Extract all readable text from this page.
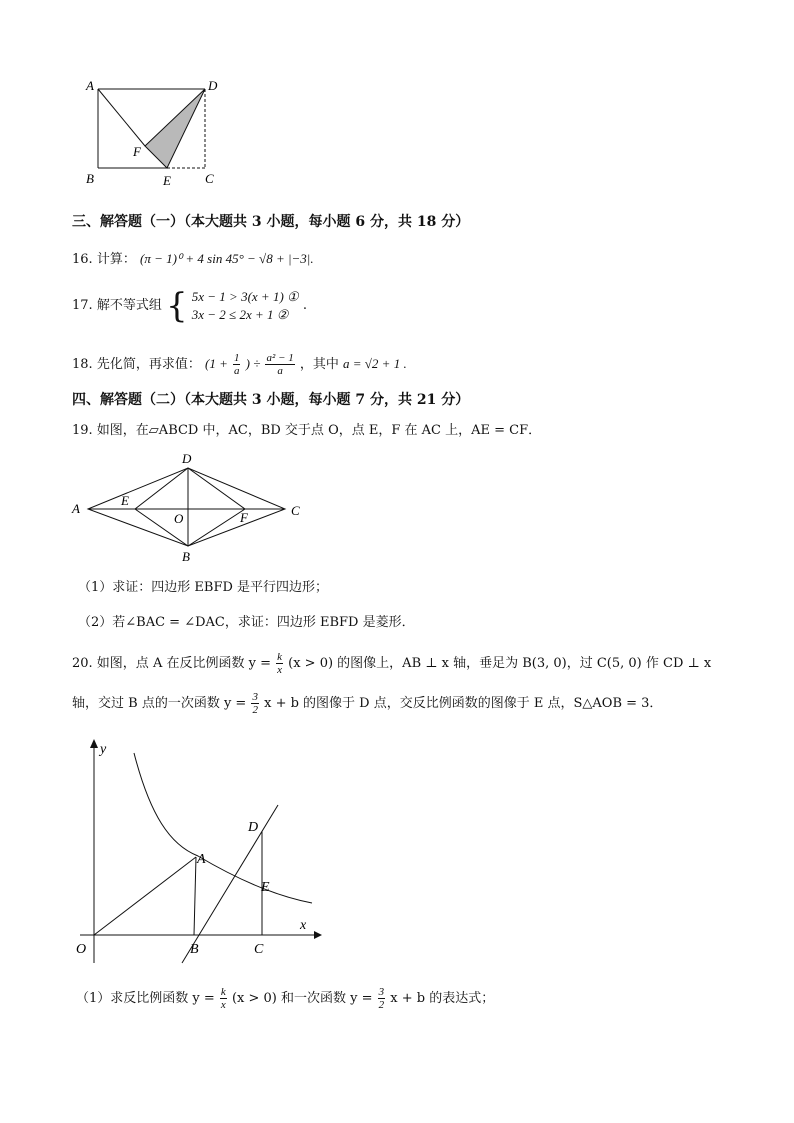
A	D
F
B	E	C
三、解答题（一）（本大题共 3 小题，每小题 6 分，共 18 分）
16. 计算： (π − 1)⁰ + 4 sin 45° − √8 + |−3|.
17. 解不等式组 { 5x − 1 > 3(x + 1) ①
3x − 2 ≤ 2x + 1 ②
.
18. 先化简，再求值： ($1 + \frac{1}{a}$ ) ÷ $\frac{\text{a² − 1}}{a}$ ，其中 a = √2 + 1 .
四、解答题（二）（本大题共 3 小题，每小题 7 分，共 21 分）
19. 如图，在▱ABCD 中，AC，BD 交于点 O，点 E，F 在 AC 上，AE = CF．
D
A
E
O	F	C
B
（1）求证：四边形 EBFD 是平行四边形；
（2）若∠BAC = ∠DAC，求证：四边形 EBFD 是菱形．
20. 如图，点 A 在反比例函数 $y = \frac{k}{x} (x > 0)$ 的图像上，AB ⊥ x 轴，垂足为 B(3, 0)，过 C(5, 0) 作 CD ⊥ x
轴，交过 B 点的一次函数 $y = \frac{3}{2}$ x + b 的图像于 D 点，交反比例函数的图像于 E 点，S△AOB = 3．
y
x
O
A
B	C
D
E
（1）求反比例函数 $y = \frac{k}{x} (x > 0)$ 和一次函数 $y = \frac{3}{2}$ x + b 的表达式；
